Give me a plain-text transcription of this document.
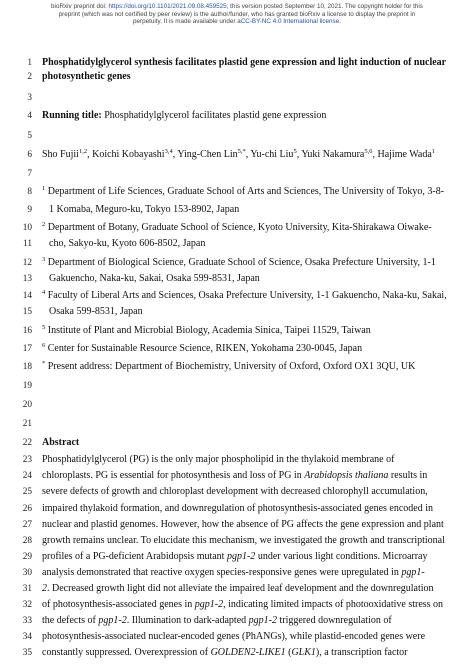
bioRxiv preprint doi: https://doi.org/10.1101/2021.09.08.459525; this version posted September 10, 2021. The copyright holder for this
preprint (which was not certified by peer review) is the author/funder, who has granted bioRxiv a license to display the preprint in
perpetuity. It is made available under aCC-BY-NC 4.0 International license.
1
2
3
4
5
6
7
8
9
10
11
12
13
14
15
16
17
18
19
20
21
22
23
24
25
26
27
28
29
30
31
32
33
34
35
Phosphatidylglycerol synthesis facilitates plastid gene expression and light induction of nuclear
photosynthetic genes
Running title: Phosphatidylglycerol facilitates plastid gene expression
Sho Fujii$^{1,2}$, Koichi Kobayashi$^{3,4}$, Ying-Chen Lin$^{5,*}$, Yu-chi Liu$^5$, Yuki Nakamura$^{5,6}$, Hajime Wada$^1$
$^1$ Department of Life Sciences, Graduate School of Arts and Sciences, The University of Tokyo, 3-8-
1 Komaba, Meguro-ku, Tokyo 153-8902, Japan
$^2$ Department of Botany, Graduate School of Science, Kyoto University, Kita-Shirakawa Oiwake-
cho, Sakyo-ku, Kyoto 606-8502, Japan
$^3$ Department of Biological Science, Graduate School of Science, Osaka Prefecture University, 1-1
Gakuencho, Naka-ku, Sakai, Osaka 599-8531, Japan
$^4$ Faculty of Liberal Arts and Sciences, Osaka Prefecture University, 1-1 Gakuencho, Naka-ku, Sakai,
Osaka 599-8531, Japan
$^5$ Institute of Plant and Microbial Biology, Academia Sinica, Taipei 11529, Taiwan
$^6$ Center for Sustainable Resource Science, RIKEN, Yokohama 230-0045, Japan
* Present address: Department of Biochemistry, University of Oxford, Oxford OX1 3QU, UK
Abstract
Phosphatidylglycerol (PG) is the only major phospholipid in the thylakoid membrane of
chloroplasts. PG is essential for photosynthesis and loss of PG in Arabidopsis thaliana results in
severe defects of growth and chloroplast development with decreased chlorophyll accumulation,
impaired thylakoid formation, and downregulation of photosynthesis-associated genes encoded in
nuclear and plastid genomes. However, how the absence of PG affects the gene expression and plant
growth remains unclear. To elucidate this mechanism, we investigated the growth and transcriptional
profiles of a PG-deficient Arabidopsis mutant pgp1-2 under various light conditions. Microarray
analysis demonstrated that reactive oxygen species-responsive genes were upregulated in pgp1-
2. Decreased growth light did not alleviate the impaired leaf development and the downregulation
of photosynthesis-associated genes in pgp1-2, indicating limited impacts of photooxidative stress on
the defects of pgp1-2. Illumination to dark-adapted pgp1-2 triggered downregulation of
photosynthesis-associated nuclear-encoded genes (PhANGs), while plastid-encoded genes were
constantly suppressed. Overexpression of GOLDEN2-LIKE1 (GLK1), a transcription factor
